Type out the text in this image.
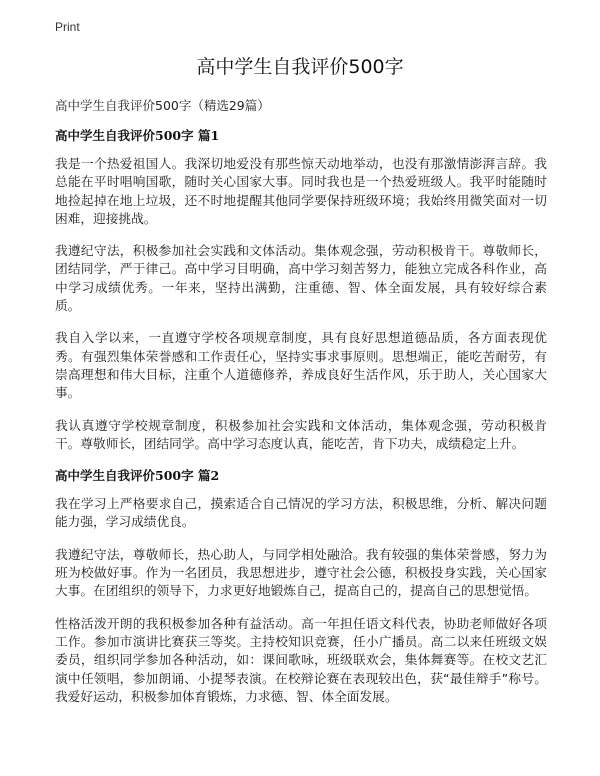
Print
高中学生自我评价500字
高中学生自我评价500字（精选29篇）
高中学生自我评价500字 篇1

我是一个热爱祖国人。我深切地爱没有那些惊天动地举动，也没有那激情澎湃言辞。我总能在平时唱响国歌，随时关心国家大事。同时我也是一个热爱班级人。我平时能随时地捡起掉在地上垃圾，还不时地提醒其他同学要保持班级环境；我始终用微笑面对一切困难，迎接挑战。

我遵纪守法，积极参加社会实践和文体活动。集体观念强，劳动积极肯干。尊敬师长，团结同学，严于律己。高中学习目明确，高中学习刻苦努力，能独立完成各科作业，高中学习成绩优秀。一年来，坚持出满勤，注重德、智、体全面发展，具有较好综合素质。

我自入学以来，一直遵守学校各项规章制度，具有良好思想道德品质，各方面表现优秀。有强烈集体荣誉感和工作责任心，坚持实事求事原则。思想端正，能吃苦耐劳，有崇高理想和伟大目标，注重个人道德修养，养成良好生活作风，乐于助人，关心国家大事。

我认真遵守学校规章制度，积极参加社会实践和文体活动，集体观念强，劳动积极肯干。尊敬师长，团结同学。高中学习态度认真，能吃苦，肯下功夫，成绩稳定上升。

高中学生自我评价500字 篇2

我在学习上严格要求自己，摸索适合自己情况的学习方法，积极思维，分析、解决问题能力强，学习成绩优良。

我遵纪守法，尊敬师长，热心助人，与同学相处融洽。我有较强的集体荣誉感，努力为班为校做好事。作为一名团员，我思想进步，遵守社会公德，积极投身实践，关心国家大事。在团组织的领导下，力求更好地锻炼自己，提高自己的，提高自己的思想觉悟。

性格活泼开朗的我积极参加各种有益活动。高一年担任语文科代表，协助老师做好各项工作。参加市演讲比赛获三等奖。主持校知识竞赛，任小广播员。高二以来任班级文娱委员，组织同学参加各种活动，如：课间歌咏，班级联欢会，集体舞赛等。在校文艺汇演中任领唱，参加朗诵、小提琴表演。在校辩论赛在表现较出色，获“最佳辩手”称号。我爱好运动，积极参加体育锻炼，力求德、智、体全面发展。
